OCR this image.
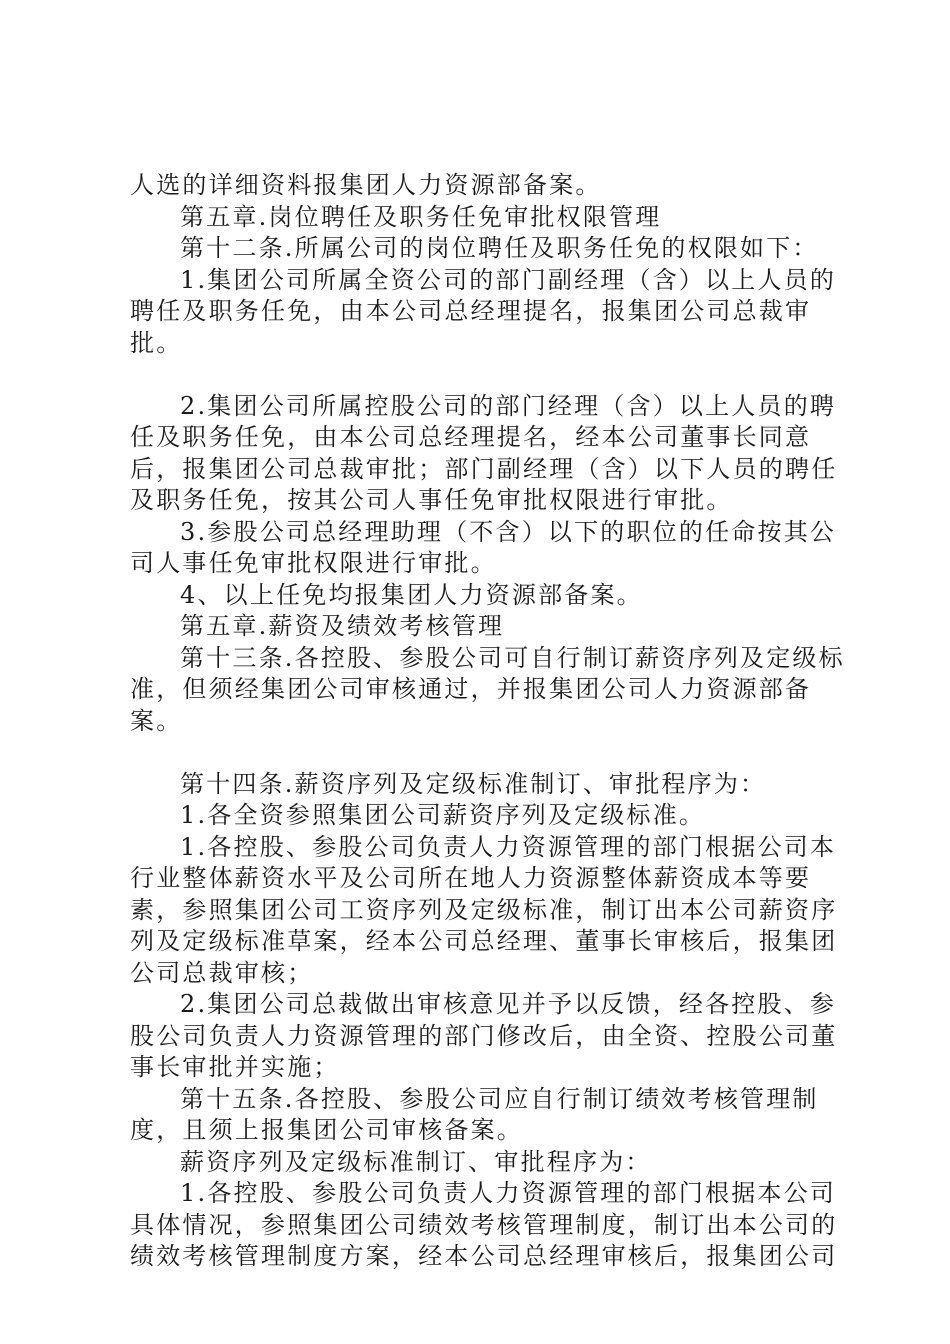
人选的详细资料报集团人力资源部备案。

第五章.岗位聘任及职务任免审批权限管理

第十二条.所属公司的岗位聘任及职务任免的权限如下：

1.集团公司所属全资公司的部门副经理（含）以上人员的聘任及职务任免，由本公司总经理提名，报集团公司总裁审批。

2.集团公司所属控股公司的部门经理（含）以上人员的聘任及职务任免，由本公司总经理提名，经本公司董事长同意后，报集团公司总裁审批；部门副经理（含）以下人员的聘任及职务任免，按其公司人事任免审批权限进行审批。

3.参股公司总经理助理（不含）以下的职位的任命按其公司人事任免审批权限进行审批。

4、以上任免均报集团人力资源部备案。

第五章.薪资及绩效考核管理

第十三条.各控股、参股公司可自行制订薪资序列及定级标准，但须经集团公司审核通过，并报集团公司人力资源部备案。

第十四条.薪资序列及定级标准制订、审批程序为：

1.各全资参照集团公司薪资序列及定级标准。

1.各控股、参股公司负责人力资源管理的部门根据公司本行业整体薪资水平及公司所在地人力资源整体薪资成本等要素，参照集团公司工资序列及定级标准，制订出本公司薪资序列及定级标准草案，经本公司总经理、董事长审核后，报集团公司总裁审核；

2.集团公司总裁做出审核意见并予以反馈，经各控股、参股公司负责人力资源管理的部门修改后，由全资、控股公司董事长审批并实施；

第十五条.各控股、参股公司应自行制订绩效考核管理制度，且须上报集团公司审核备案。

薪资序列及定级标准制订、审批程序为：

1.各控股、参股公司负责人力资源管理的部门根据本公司具体情况，参照集团公司绩效考核管理制度，制订出本公司的绩效考核管理制度方案，经本公司总经理审核后，报集团公司
